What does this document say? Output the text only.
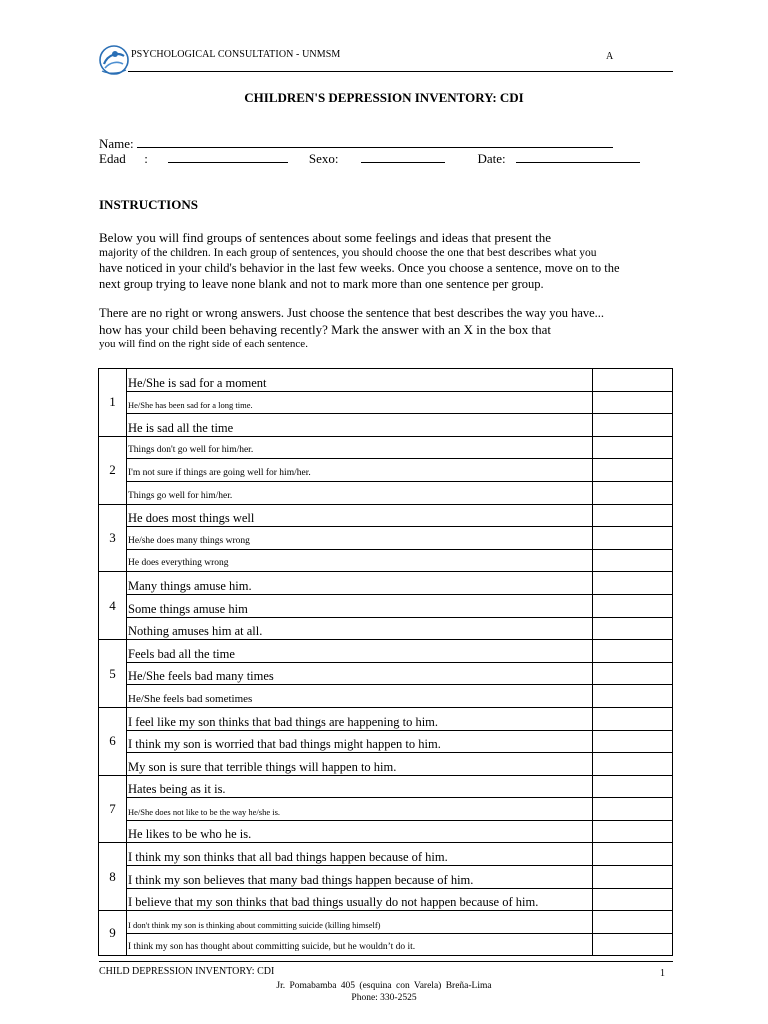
PSYCHOLOGICAL CONSULTATION - UNMSM	A
CHILDREN'S DEPRESSION INVENTORY: CDI
Name:
Edad :	Sexo:	Date:
INSTRUCTIONS
Below you will find groups of sentences about some feelings and ideas that present the
majority of the children. In each group of sentences, you should choose the one that best describes what you
have noticed in your child's behavior in the last few weeks. Once you choose a sentence, move on to the
next group trying to leave none blank and not to mark more than one sentence per group.
There are no right or wrong answers. Just choose the sentence that best describes the way you have...
how has your child been behaving recently? Mark the answer with an X in the box that
you will find on the right side of each sentence.
1	He/She is sad for a moment	
	He/She has been sad for a long time.	
	He is sad all the time	
2	Things don't go well for him/her.	
	I'm not sure if things are going well for him/her.	
	Things go well for him/her.	
3	He does most things well	
	He/she does many things wrong	
	He does everything wrong	
4	Many things amuse him.	
	Some things amuse him	
	Nothing amuses him at all.	
5	Feels bad all the time	
	He/She feels bad many times	
	He/She feels bad sometimes	
6	I feel like my son thinks that bad things are happening to him.	
	I think my son is worried that bad things might happen to him.	
	My son is sure that terrible things will happen to him.	
7	Hates being as it is.	
	He/She does not like to be the way he/she is.	
	He likes to be who he is.	
8	I think my son thinks that all bad things happen because of him.	
	I think my son believes that many bad things happen because of him.	
	I believe that my son thinks that bad things usually do not happen because of him.	
9	I don't think my son is thinking about committing suicide (killing himself)	
	I think my son has thought about committing suicide, but he wouldn’t do it.	
CHILD DEPRESSION INVENTORY: CDI	1
Jr. Pomabamba 405 (esquina con Varela) Breña-Lima
Phone: 330-2525
